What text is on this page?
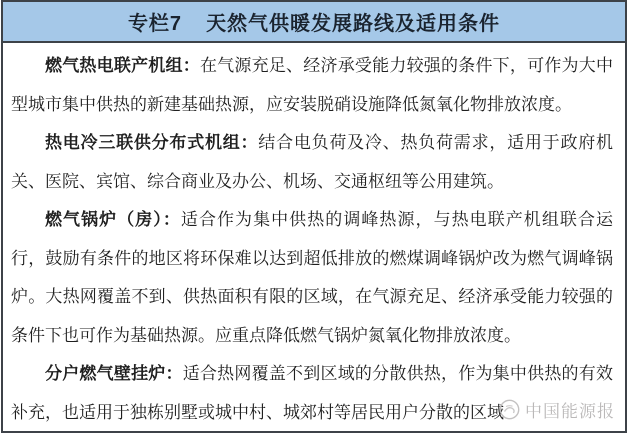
专栏7 天然气供暖发展路线及适用条件

燃气热电联产机组：在气源充足、经济承受能力较强的条件下，可作为大中型城市集中供热的新建基础热源，应安装脱硝设施降低氮氧化物排放浓度。

热电冷三联供分布式机组：结合电负荷及冷、热负荷需求，适用于政府机关、医院、宾馆、综合商业及办公、机场、交通枢纽等公用建筑。

燃气锅炉（房）：适合作为集中供热的调峰热源，与热电联产机组联合运行，鼓励有条件的地区将环保难以达到超低排放的燃煤调峰锅炉改为燃气调峰锅炉。大热网覆盖不到、供热面积有限的区域，在气源充足、经济承受能力较强的条件下也可作为基础热源。应重点降低燃气锅炉氮氧化物排放浓度。

分户燃气壁挂炉：适合热网覆盖不到区域的分散供热，作为集中供热的有效补充，也适用于独栋别墅或城中村、城郊村等居民用户分散的区域	中国能源报
